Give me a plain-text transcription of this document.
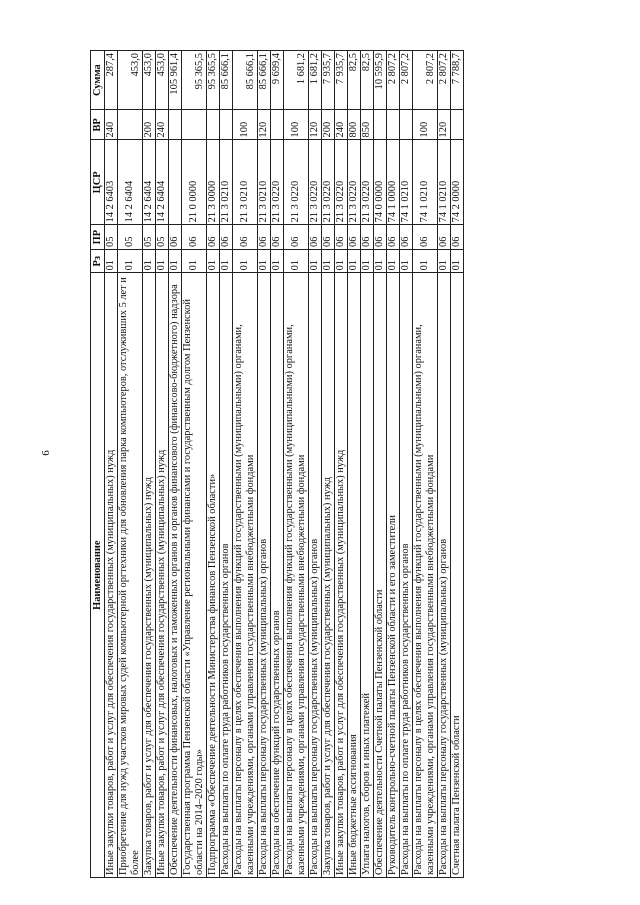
6
Наименование	Рз	ПР	ЦСР	ВР	Сумма
Иные закупки товаров, работ и услуг для обеспечения государственных (муниципальных) нужд	01	05	14 2 6403	240	287,4
Приобретение для нужд участков мировых судей компьютерной оргтехники для обновления парка компьютеров, отслуживших 5 лет и более	01	05	14 2 6404		453,0
Закупка товаров, работ и услуг для обеспечения государственных (муниципальных) нужд	01	05	14 2 6404	200	453,0
Иные закупки товаров, работ и услуг для обеспечения государственных (муниципальных) нужд	01	05	14 2 6404	240	453,0
Обеспечение деятельности финансовых, налоговых и таможенных органов и органов финансового (финансово-бюджетного) надзора	01	06			105 961,4
Государственная программа Пензенской области «Управление региональными финансами и государственным долгом Пензенской области на 2014–2020 годы»	01	06	21 0 0000		95 365,5
Подпрограмма «Обеспечение деятельности Министерства финансов Пензенской области»	01	06	21 3 0000		95 365,5
Расходы на выплаты по оплате труда работников государственных органов	01	06	21 3 0210		85 666,1
Расходы на выплаты персоналу в целях обеспечения выполнения функций государственными (муниципальными) органами, казенными учреждениями, органами управления государственными внебюджетными фондами	01	06	21 3 0210	100	85 666,1
Расходы на выплаты персоналу государственных (муниципальных) органов	01	06	21 3 0210	120	85 666,1
Расходы на обеспечение функций государственных органов	01	06	21 3 0220		9 699,4
Расходы на выплаты персоналу в целях обеспечения выполнения функций государственными (муниципальными) органами, казенными учреждениями, органами управления государственными внебюджетными фондами	01	06	21 3 0220	100	1 681,2
Расходы на выплаты персоналу государственных (муниципальных) органов	01	06	21 3 0220	120	1 681,2
Закупка товаров, работ и услуг для обеспечения государственных (муниципальных) нужд	01	06	21 3 0220	200	7 935,7
Иные закупки товаров, работ и услуг для обеспечения государственных (муниципальных) нужд	01	06	21 3 0220	240	7 935,7
Иные бюджетные ассигнования	01	06	21 3 0220	800	82,5
Уплата налогов, сборов и иных платежей	01	06	21 3 0220	850	82,5
Обеспечение деятельности Счетной палаты Пензенской области	01	06	74 0 0000		10 595,9
Руководитель контрольно-счетной палаты Пензенской области и его заместители	01	06	74 1 0000		2 807,2
Расходы на выплаты по оплате труда работников государственных органов	01	06	74 1 0210		2 807,2
Расходы на выплаты персоналу в целях обеспечения выполнения функций государственными (муниципальными) органами, казенными учреждениями, органами управления государственными внебюджетными фондами	01	06	74 1 0210	100	2 807,2
Расходы на выплаты персоналу государственных (муниципальных) органов	01	06	74 1 0210	120	2 807,2
Счетная палата Пензенской области	01	06	74 2 0000		7 788,7
